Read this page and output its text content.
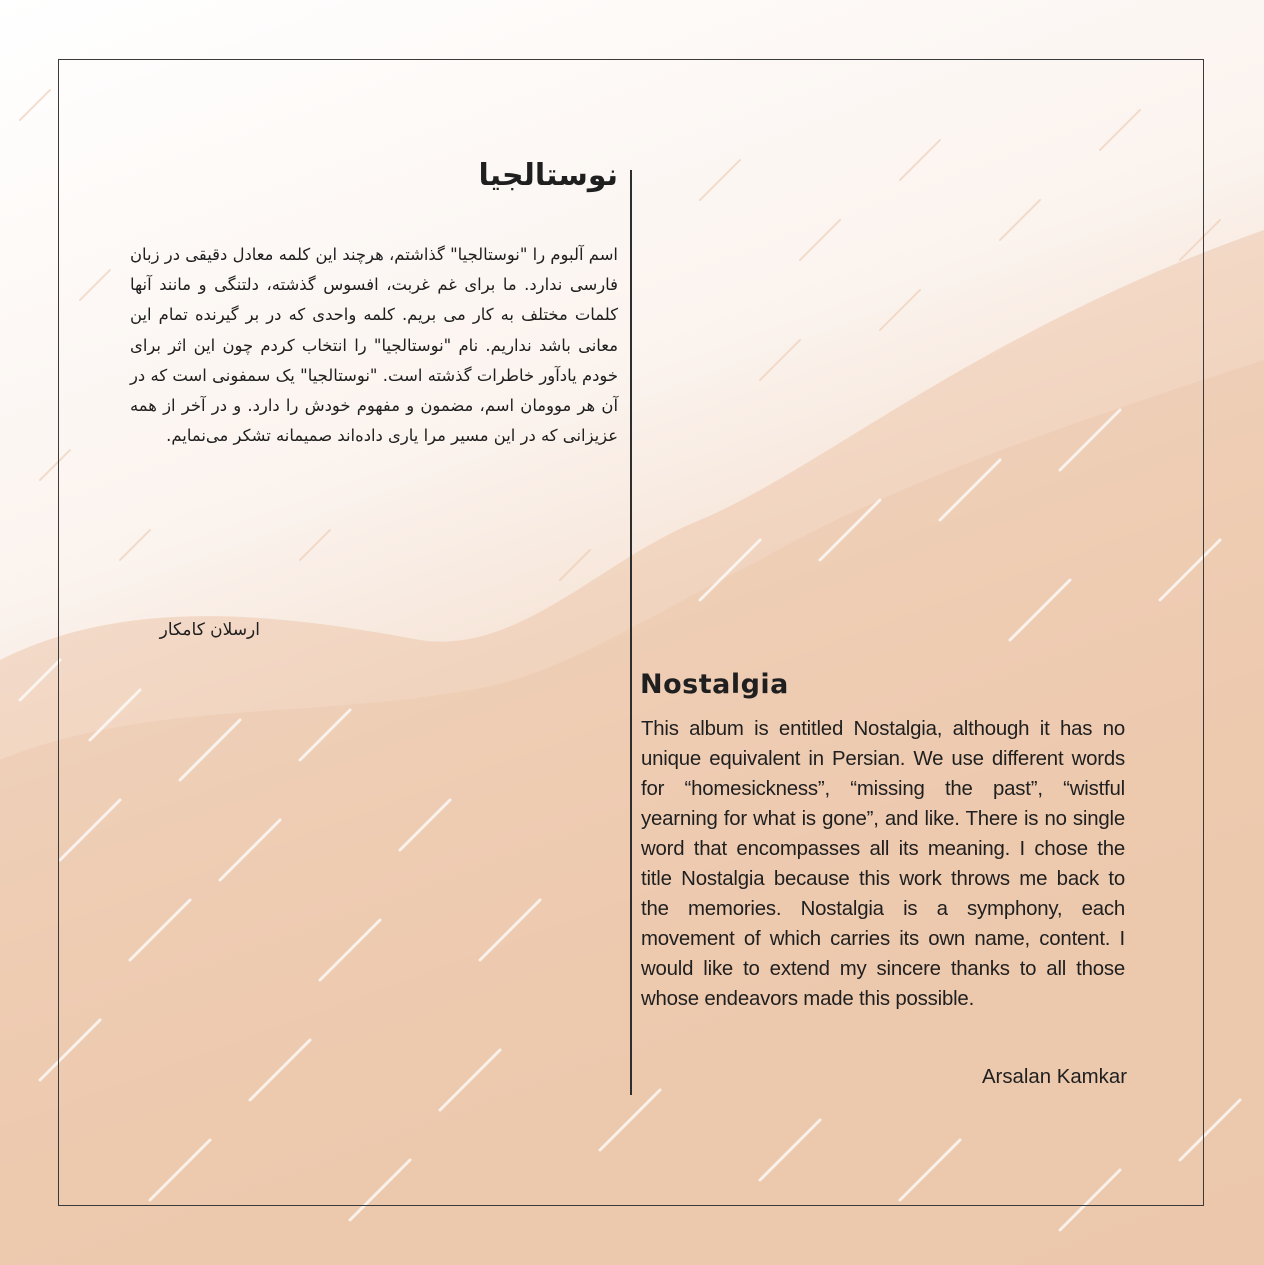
نوستالجیا

اسم آلبوم را "نوستالجیا" گذاشتم، هرچند این کلمه معادل دقیقی در زبان فارسی ندارد. ما برای غم غربت، افسوس گذشته، دلتنگی و مانند آنها کلمات مختلف به کار می بریم. کلمه واحدی که در بر گیرنده تمام این معانی باشد نداریم. نام "نوستالجیا" را انتخاب کردم چون این اثر برای خودم یادآور خاطرات گذشته است. "نوستالجیا" یک سمفونی است که در آن هر موومان اسم، مضمون و مفهوم خودش را دارد. و در آخر از همه عزیزانی که در این مسیر مرا یاری داده‌اند صمیمانه تشکر می‌نمایم.

ارسلان کامکار

Nostalgia

This album is entitled Nostalgia, although it has no unique equivalent in Persian. We use different words for “homesickness”, “missing the past”, “wistful yearning for what is gone”, and like. There is no single word that encompasses all its meaning. I chose the title Nostalgia because this work throws me back to the memories. Nostalgia is a symphony, each movement of which carries its own name, content. I would like to extend my sincere thanks to all those whose endeavors made this possible.

Arsalan Kamkar
